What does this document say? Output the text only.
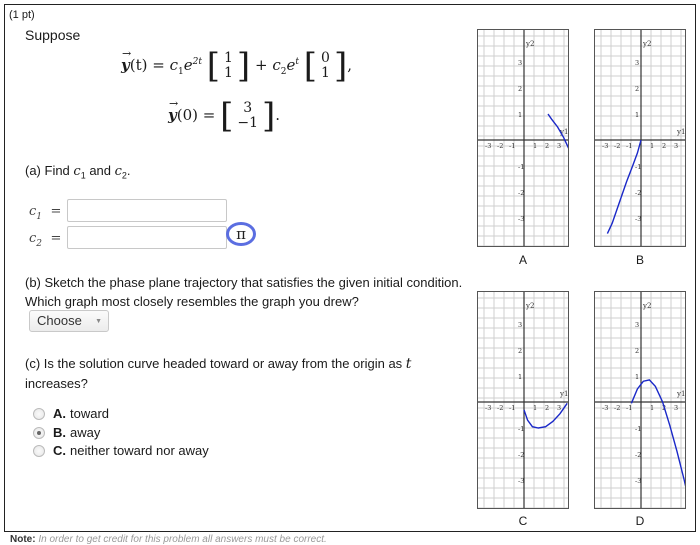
(1 pt)
Suppose
→
$y(t) = c_1e^{2t}$ [ 1
1 ] + $c_2e^t$ [ 0
1 ],
→
y(0) = [ 3
−1 ].
(a) Find $c_1$ and $c_2$.
$c_1$ =
$c_2$ =	π
(b) Sketch the phase plane trajectory that satisfies the given initial condition. Which graph most closely resembles the graph you drew?
Choose ▼
(c) Is the solution curve headed toward or away from the origin as t increases?
A. toward
B. away
C. neither toward nor away
y2
y1
-3 -2 -1	1 2 3
3
2
1
-1
-2
-3
A
y2
y1
-3 -2 -1	1 2 3
3
2
1
-1
-2
-3
B
y2
y1
-3 -2 -1	1 2 3
3
2
1
-1
-2
-3
C
y2
y1
-3 -2 -1	1 2 3
3
2
1
-1
-2
-3
D
Note: In order to get credit for this problem all answers must be correct.
